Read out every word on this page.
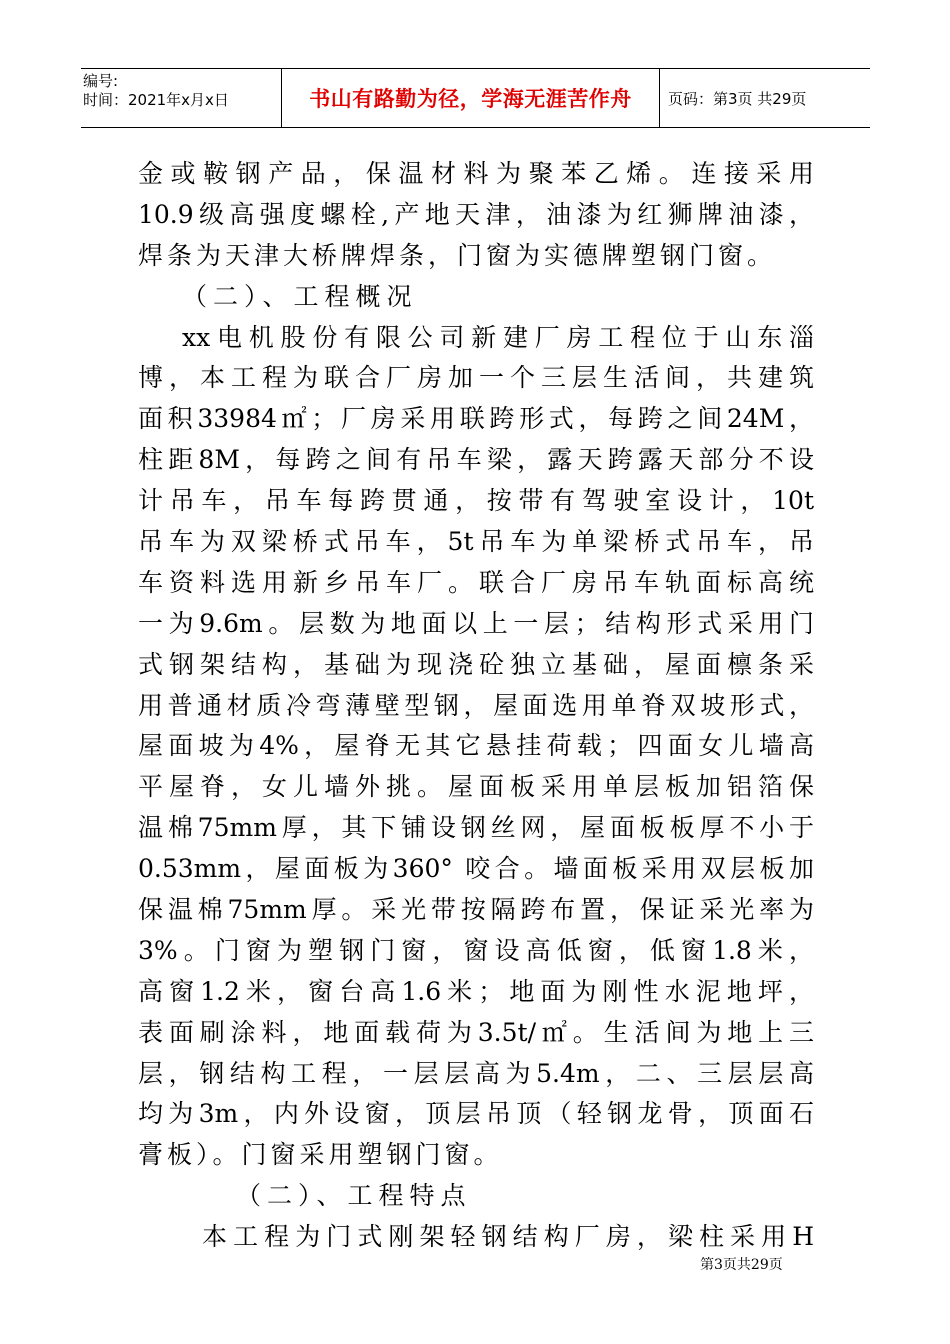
编号:
时间：2021年x月x日	书山有路勤为径，学海无涯苦作舟	页码：第3页 共29页
金或鞍钢产品，保温材料为聚苯乙烯。连接采用
10.9级高强度螺栓,产地天津，油漆为红狮牌油漆，
焊条为天津大桥牌焊条，门窗为实德牌塑钢门窗。
（二）、工程概况
xx电机股份有限公司新建厂房工程位于山东淄
博，本工程为联合厂房加一个三层生活间，共建筑
面积33984㎡；厂房采用联跨形式，每跨之间24M，
柱距8M，每跨之间有吊车梁，露天跨露天部分不设
计吊车，吊车每跨贯通，按带有驾驶室设计，10t
吊车为双梁桥式吊车，5t吊车为单梁桥式吊车，吊
车资料选用新乡吊车厂。联合厂房吊车轨面标高统
一为9.6m。层数为地面以上一层；结构形式采用门
式钢架结构，基础为现浇砼独立基础，屋面檩条采
用普通材质冷弯薄壁型钢，屋面选用单脊双坡形式，
屋面坡为4%，屋脊无其它悬挂荷载；四面女儿墙高
平屋脊，女儿墙外挑。屋面板采用单层板加铝箔保
温棉75mm厚，其下铺设钢丝网，屋面板板厚不小于
0.53mm，屋面板为360° 咬合。墙面板采用双层板加
保温棉75mm厚。采光带按隔跨布置，保证采光率为
3%。门窗为塑钢门窗，窗设高低窗，低窗1.8米，
高窗1.2米，窗台高1.6米；地面为刚性水泥地坪，
表面刷涂料，地面载荷为3.5t/㎡。生活间为地上三
层，钢结构工程，一层层高为5.4m，二、三层层高
均为3m，内外设窗，顶层吊顶（轻钢龙骨，顶面石
膏板）。门窗采用塑钢门窗。
（二）、工程特点
本工程为门式刚架轻钢结构厂房，梁柱采用H
第3页共29页
